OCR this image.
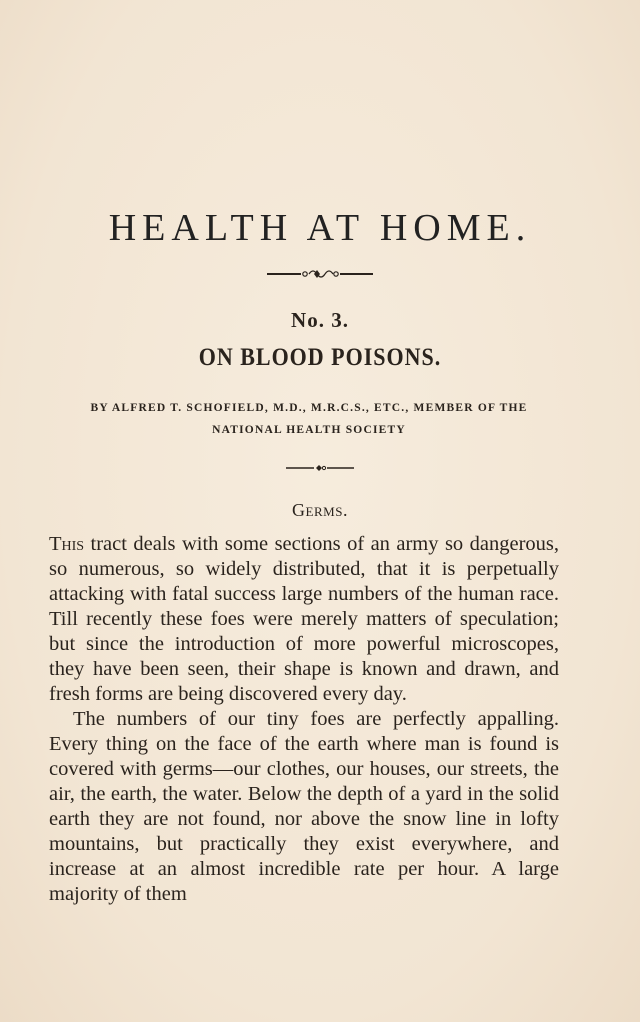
HEALTH AT HOME.
No. 3.
ON BLOOD POISONS.
BY ALFRED T. SCHOFIELD, M.D., M.R.C.S., ETC., MEMBER OF THE NATIONAL HEALTH SOCIETY
Germs.

This tract deals with some sections of an army so dangerous, so numerous, so widely distributed, that it is perpetually attacking with fatal success large numbers of the human race. Till recently these foes were merely matters of speculation; but since the introduction of more powerful microscopes, they have been seen, their shape is known and drawn, and fresh forms are being discovered every day.

The numbers of our tiny foes are perfectly appalling. Every thing on the face of the earth where man is found is covered with germs—our clothes, our houses, our streets, the air, the earth, the water. Below the depth of a yard in the solid earth they are not found, nor above the snow line in lofty mountains, but practically they exist everywhere, and increase at an almost incredible rate per hour. A large majority of them
